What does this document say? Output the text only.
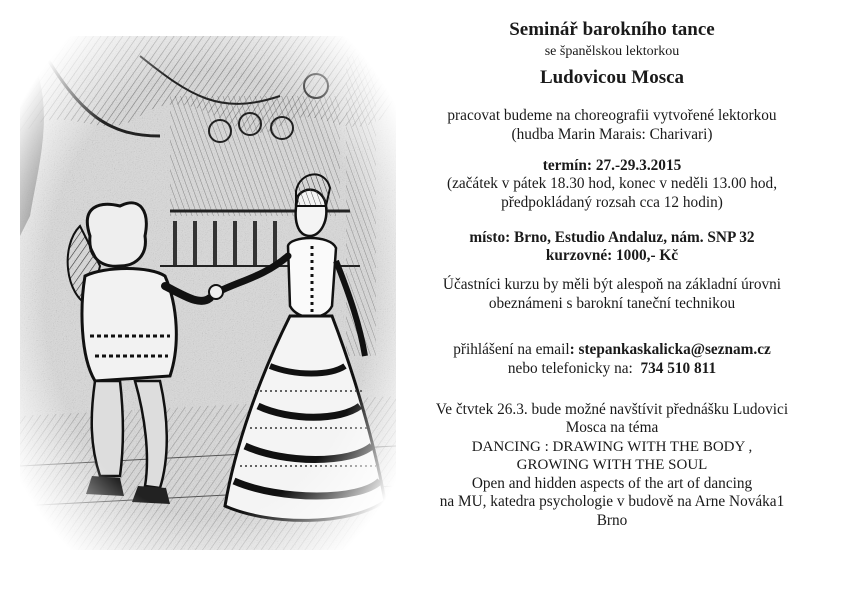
Seminář barokního tance
se španělskou lektorkou
Ludovicou Mosca
pracovat budeme na choreografii vytvořené lektorkou
(hudba Marin Marais: Charivari)
termín: 27.-29.3.2015
(začátek v pátek 18.30 hod, konec v neděli 13.00 hod,
předpokládaný rozsah cca 12 hodin)
místo: Brno, Estudio Andaluz, nám. SNP 32
kurzovné: 1000,- Kč
Účastníci kurzu by měli být alespoň na základní úrovni
obeznámeni s barokní taneční technikou
přihlášení na email: stepankaskalicka@seznam.cz
nebo telefonicky na: 734 510 811
Ve čtvtek 26.3. bude možné navštívit přednášku Ludovici
Mosca na téma
DANCING : DRAWING WITH THE BODY ,
GROWING WITH THE SOUL
Open and hidden aspects of the art of dancing
na MU, katedra psychologie v budově na Arne Nováka1
Brno
